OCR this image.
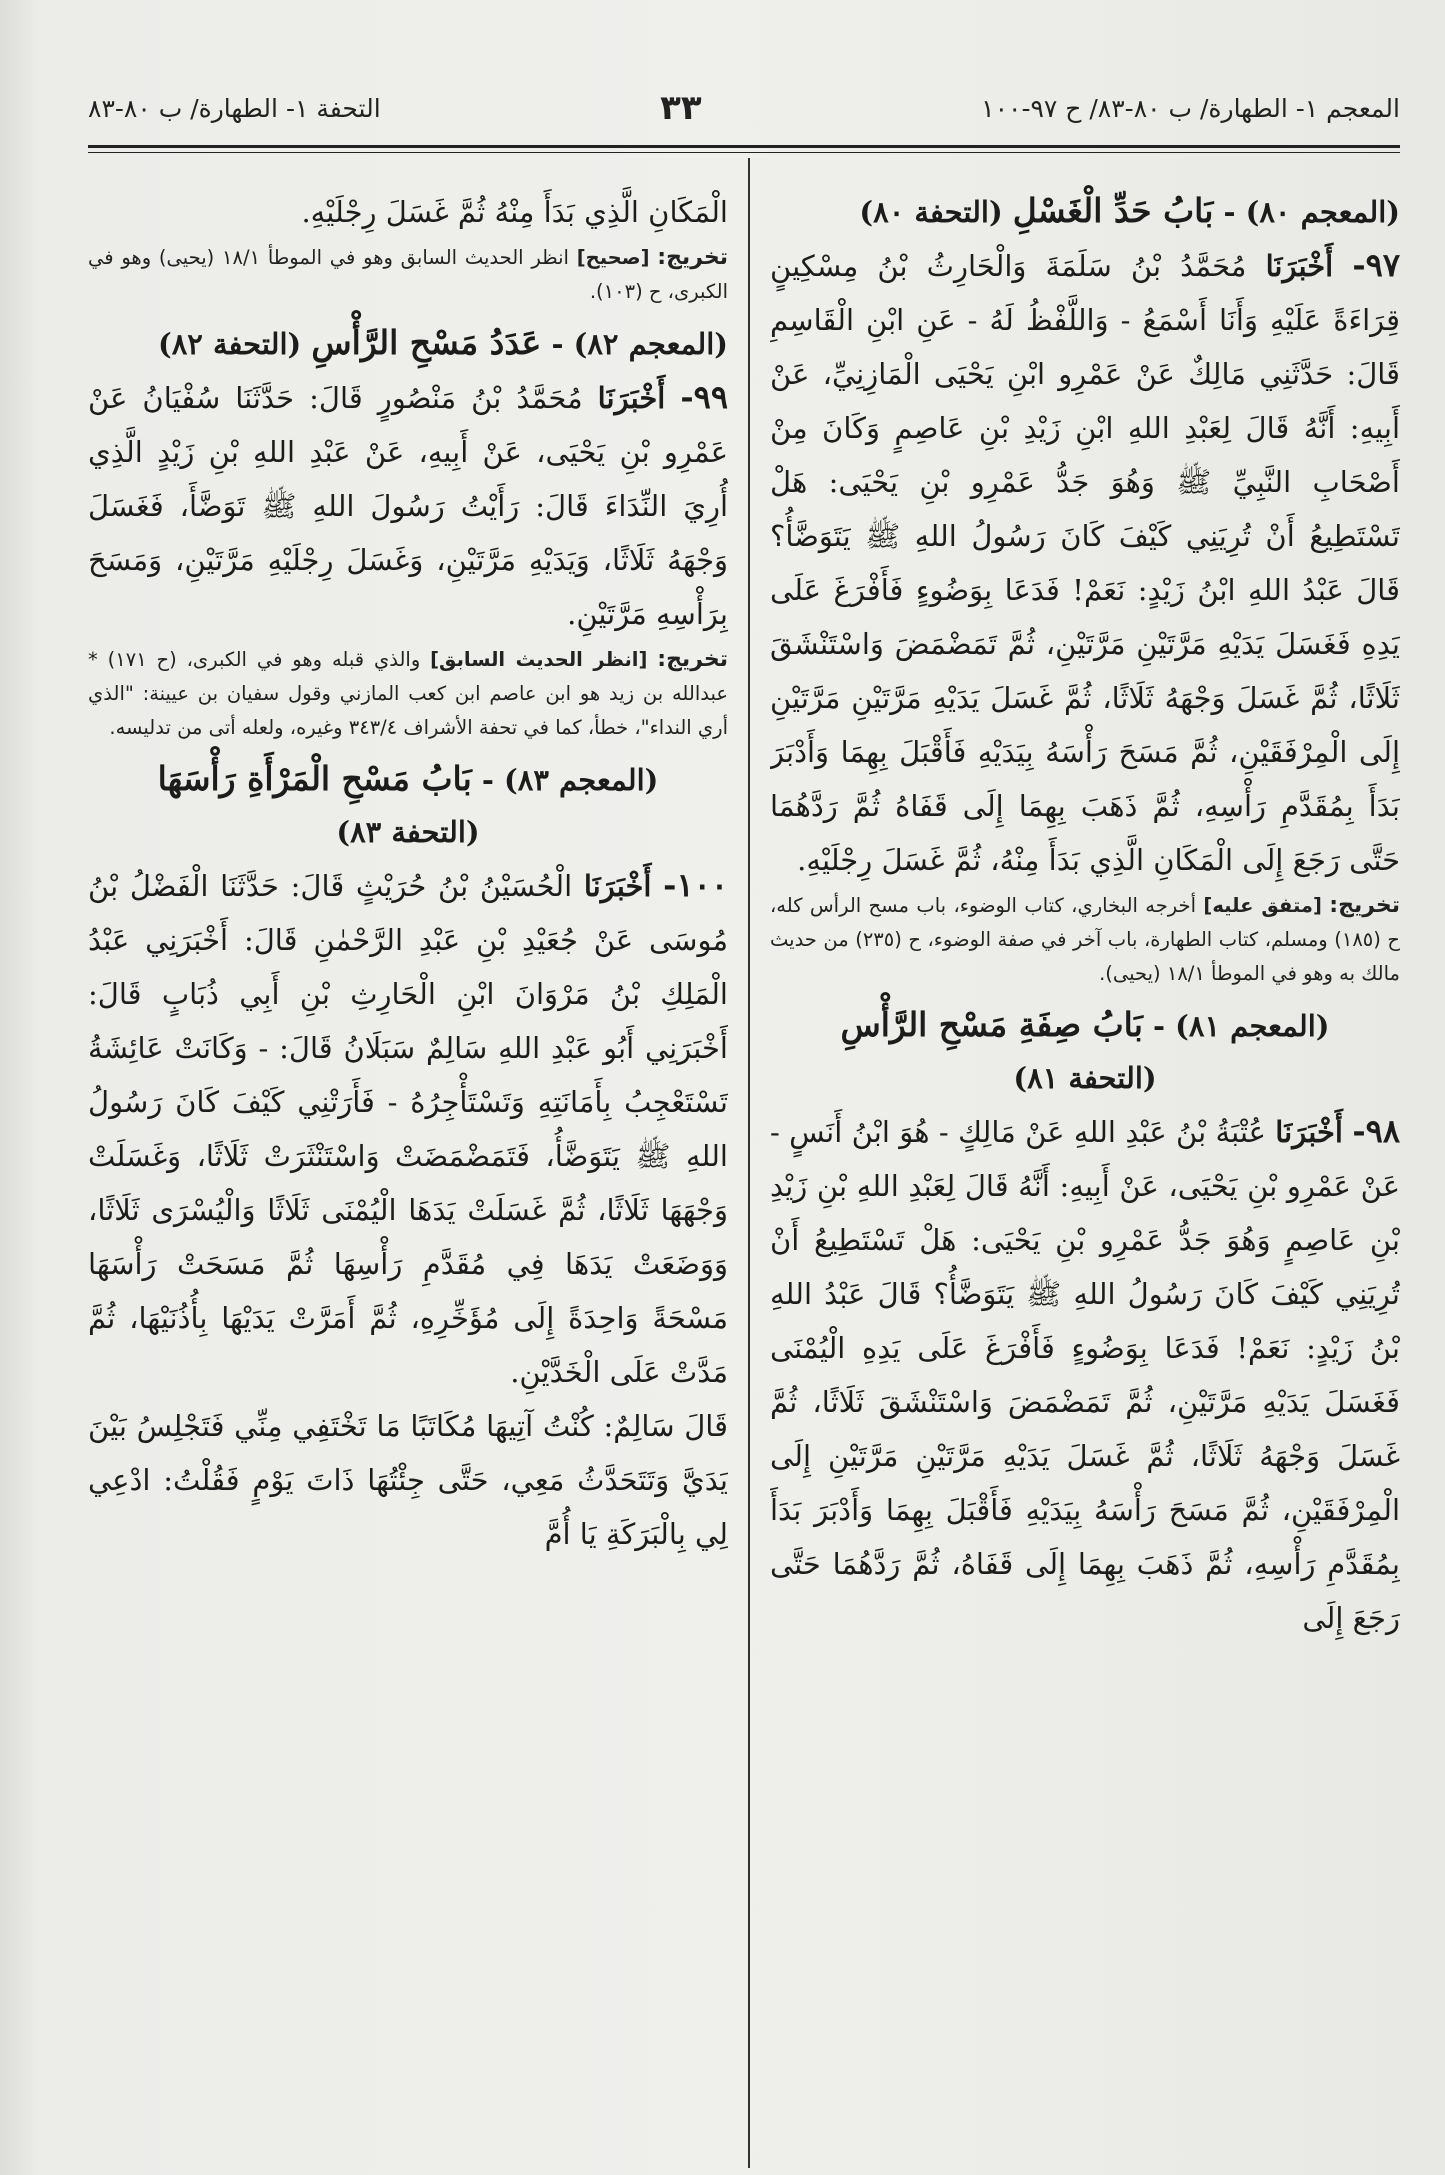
المعجم ١- الطهارة/ ب ٨٠-٨٣/ ح ٩٧-١٠٠
٣٣
التحفة ١- الطهارة/ ب ٨٠-٨٣
(المعجم ٨٠) - بَابُ حَدِّ الْغَسْلِ (التحفة ٨٠)

٩٧- أَخْبَرَنَا مُحَمَّدُ بْنُ سَلَمَةَ وَالْحَارِثُ بْنُ مِسْكِينٍ قِرَاءَةً عَلَيْهِ وَأَنَا أَسْمَعُ - وَاللَّفْظُ لَهُ - عَنِ ابْنِ الْقَاسِمِ قَالَ: حَدَّثَنِي مَالِكٌ عَنْ عَمْرِو ابْنِ يَحْيَى الْمَازِنِيِّ، عَنْ أَبِيهِ: أَنَّهُ قَالَ لِعَبْدِ اللهِ ابْنِ زَيْدِ بْنِ عَاصِمٍ وَكَانَ مِنْ أَصْحَابِ النَّبِيِّ ﷺ وَهُوَ جَدُّ عَمْرِو بْنِ يَحْيَى: هَلْ تَسْتَطِيعُ أَنْ تُرِيَنِي كَيْفَ كَانَ رَسُولُ اللهِ ﷺ يَتَوَضَّأُ؟ قَالَ عَبْدُ اللهِ ابْنُ زَيْدٍ: نَعَمْ! فَدَعَا بِوَضُوءٍ فَأَفْرَغَ عَلَى يَدِهِ فَغَسَلَ يَدَيْهِ مَرَّتَيْنِ مَرَّتَيْنِ، ثُمَّ تَمَضْمَضَ وَاسْتَنْشَقَ ثَلَاثًا، ثُمَّ غَسَلَ وَجْهَهُ ثَلَاثًا، ثُمَّ غَسَلَ يَدَيْهِ مَرَّتَيْنِ مَرَّتَيْنِ إِلَى الْمِرْفَقَيْنِ، ثُمَّ مَسَحَ رَأْسَهُ بِيَدَيْهِ فَأَقْبَلَ بِهِمَا وَأَدْبَرَ بَدَأَ بِمُقَدَّمِ رَأْسِهِ، ثُمَّ ذَهَبَ بِهِمَا إِلَى قَفَاهُ ثُمَّ رَدَّهُمَا حَتَّى رَجَعَ إِلَى الْمَكَانِ الَّذِي بَدَأَ مِنْهُ، ثُمَّ غَسَلَ رِجْلَيْهِ.

تخريج: [متفق عليه] أخرجه البخاري، كتاب الوضوء، باب مسح الرأس كله، ح (١٨٥) ومسلم، كتاب الطهارة، باب آخر في صفة الوضوء، ح (٢٣٥) من حديث مالك به وهو في الموطأ ١٨/١ (يحيى).

(المعجم ٨١) - بَابُ صِفَةِ مَسْحِ الرَّأْسِ
(التحفة ٨١)

٩٨- أَخْبَرَنَا عُتْبَةُ بْنُ عَبْدِ اللهِ عَنْ مَالِكٍ - هُوَ ابْنُ أَنَسٍ - عَنْ عَمْرِو بْنِ يَحْيَى، عَنْ أَبِيهِ: أَنَّهُ قَالَ لِعَبْدِ اللهِ بْنِ زَيْدِ بْنِ عَاصِمٍ وَهُوَ جَدُّ عَمْرِو بْنِ يَحْيَى: هَلْ تَسْتَطِيعُ أَنْ تُرِيَنِي كَيْفَ كَانَ رَسُولُ اللهِ ﷺ يَتَوَضَّأُ؟ قَالَ عَبْدُ اللهِ بْنُ زَيْدٍ: نَعَمْ! فَدَعَا بِوَضُوءٍ فَأَفْرَغَ عَلَى يَدِهِ الْيُمْنَى فَغَسَلَ يَدَيْهِ مَرَّتَيْنِ، ثُمَّ تَمَضْمَضَ وَاسْتَنْشَقَ ثَلَاثًا، ثُمَّ غَسَلَ وَجْهَهُ ثَلَاثًا، ثُمَّ غَسَلَ يَدَيْهِ مَرَّتَيْنِ مَرَّتَيْنِ إِلَى الْمِرْفَقَيْنِ، ثُمَّ مَسَحَ رَأْسَهُ بِيَدَيْهِ فَأَقْبَلَ بِهِمَا وَأَدْبَرَ بَدَأَ بِمُقَدَّمِ رَأْسِهِ، ثُمَّ ذَهَبَ بِهِمَا إِلَى قَفَاهُ، ثُمَّ رَدَّهُمَا حَتَّى رَجَعَ إِلَى

الْمَكَانِ الَّذِي بَدَأَ مِنْهُ ثُمَّ غَسَلَ رِجْلَيْهِ.

تخريج: [صحيح] انظر الحديث السابق وهو في الموطأ ١٨/١ (يحيى) وهو في الكبرى، ح (١٠٣).

(المعجم ٨٢) - عَدَدُ مَسْحِ الرَّأْسِ (التحفة ٨٢)

٩٩- أَخْبَرَنَا مُحَمَّدُ بْنُ مَنْصُورٍ قَالَ: حَدَّثَنَا سُفْيَانُ عَنْ عَمْرِو بْنِ يَحْيَى، عَنْ أَبِيهِ، عَنْ عَبْدِ اللهِ بْنِ زَيْدٍ الَّذِي أُرِيَ النِّدَاءَ قَالَ: رَأَيْتُ رَسُولَ اللهِ ﷺ تَوَضَّأَ، فَغَسَلَ وَجْهَهُ ثَلَاثًا، وَيَدَيْهِ مَرَّتَيْنِ، وَغَسَلَ رِجْلَيْهِ مَرَّتَيْنِ، وَمَسَحَ بِرَأْسِهِ مَرَّتَيْنِ.

تخريج: [انظر الحديث السابق] والذي قبله وهو في الكبرى، (ح ١٧١) * عبدالله بن زيد هو ابن عاصم ابن كعب المازني وقول سفيان بن عيينة: "الذي أري النداء"، خطأ، كما في تحفة الأشراف ٣٤٣/٤ وغيره، ولعله أتى من تدليسه.

(المعجم ٨٣) - بَابُ مَسْحِ الْمَرْأَةِ رَأْسَهَا
(التحفة ٨٣)

١٠٠- أَخْبَرَنَا الْحُسَيْنُ بْنُ حُرَيْثٍ قَالَ: حَدَّثَنَا الْفَضْلُ بْنُ مُوسَى عَنْ جُعَيْدِ بْنِ عَبْدِ الرَّحْمٰنِ قَالَ: أَخْبَرَنِي عَبْدُ الْمَلِكِ بْنُ مَرْوَانَ ابْنِ الْحَارِثِ بْنِ أَبِي ذُبَابٍ قَالَ: أَخْبَرَنِي أَبُو عَبْدِ اللهِ سَالِمٌ سَبَلَانُ قَالَ: - وَكَانَتْ عَائِشَةُ تَسْتَعْجِبُ بِأَمَانَتِهِ وَتَسْتَأْجِرُهُ - فَأَرَتْنِي كَيْفَ كَانَ رَسُولُ اللهِ ﷺ يَتَوَضَّأُ، فَتَمَضْمَضَتْ وَاسْتَنْثَرَتْ ثَلَاثًا، وَغَسَلَتْ وَجْهَهَا ثَلَاثًا، ثُمَّ غَسَلَتْ يَدَهَا الْيُمْنَى ثَلَاثًا وَالْيُسْرَى ثَلَاثًا، وَوَضَعَتْ يَدَهَا فِي مُقَدَّمِ رَأْسِهَا ثُمَّ مَسَحَتْ رَأْسَهَا مَسْحَةً وَاحِدَةً إِلَى مُؤَخِّرِهِ، ثُمَّ أَمَرَّتْ يَدَيْهَا بِأُذُنَيْهَا، ثُمَّ مَدَّتْ عَلَى الْخَدَّيْنِ.

قَالَ سَالِمٌ: كُنْتُ آتِيهَا مُكَاتَبًا مَا تَخْتَفِي مِنِّي فَتَجْلِسُ بَيْنَ يَدَيَّ وَتَتَحَدَّثُ مَعِي، حَتَّى جِئْتُهَا ذَاتَ يَوْمٍ فَقُلْتُ: ادْعِي لِي بِالْبَرَكَةِ يَا أُمَّ
